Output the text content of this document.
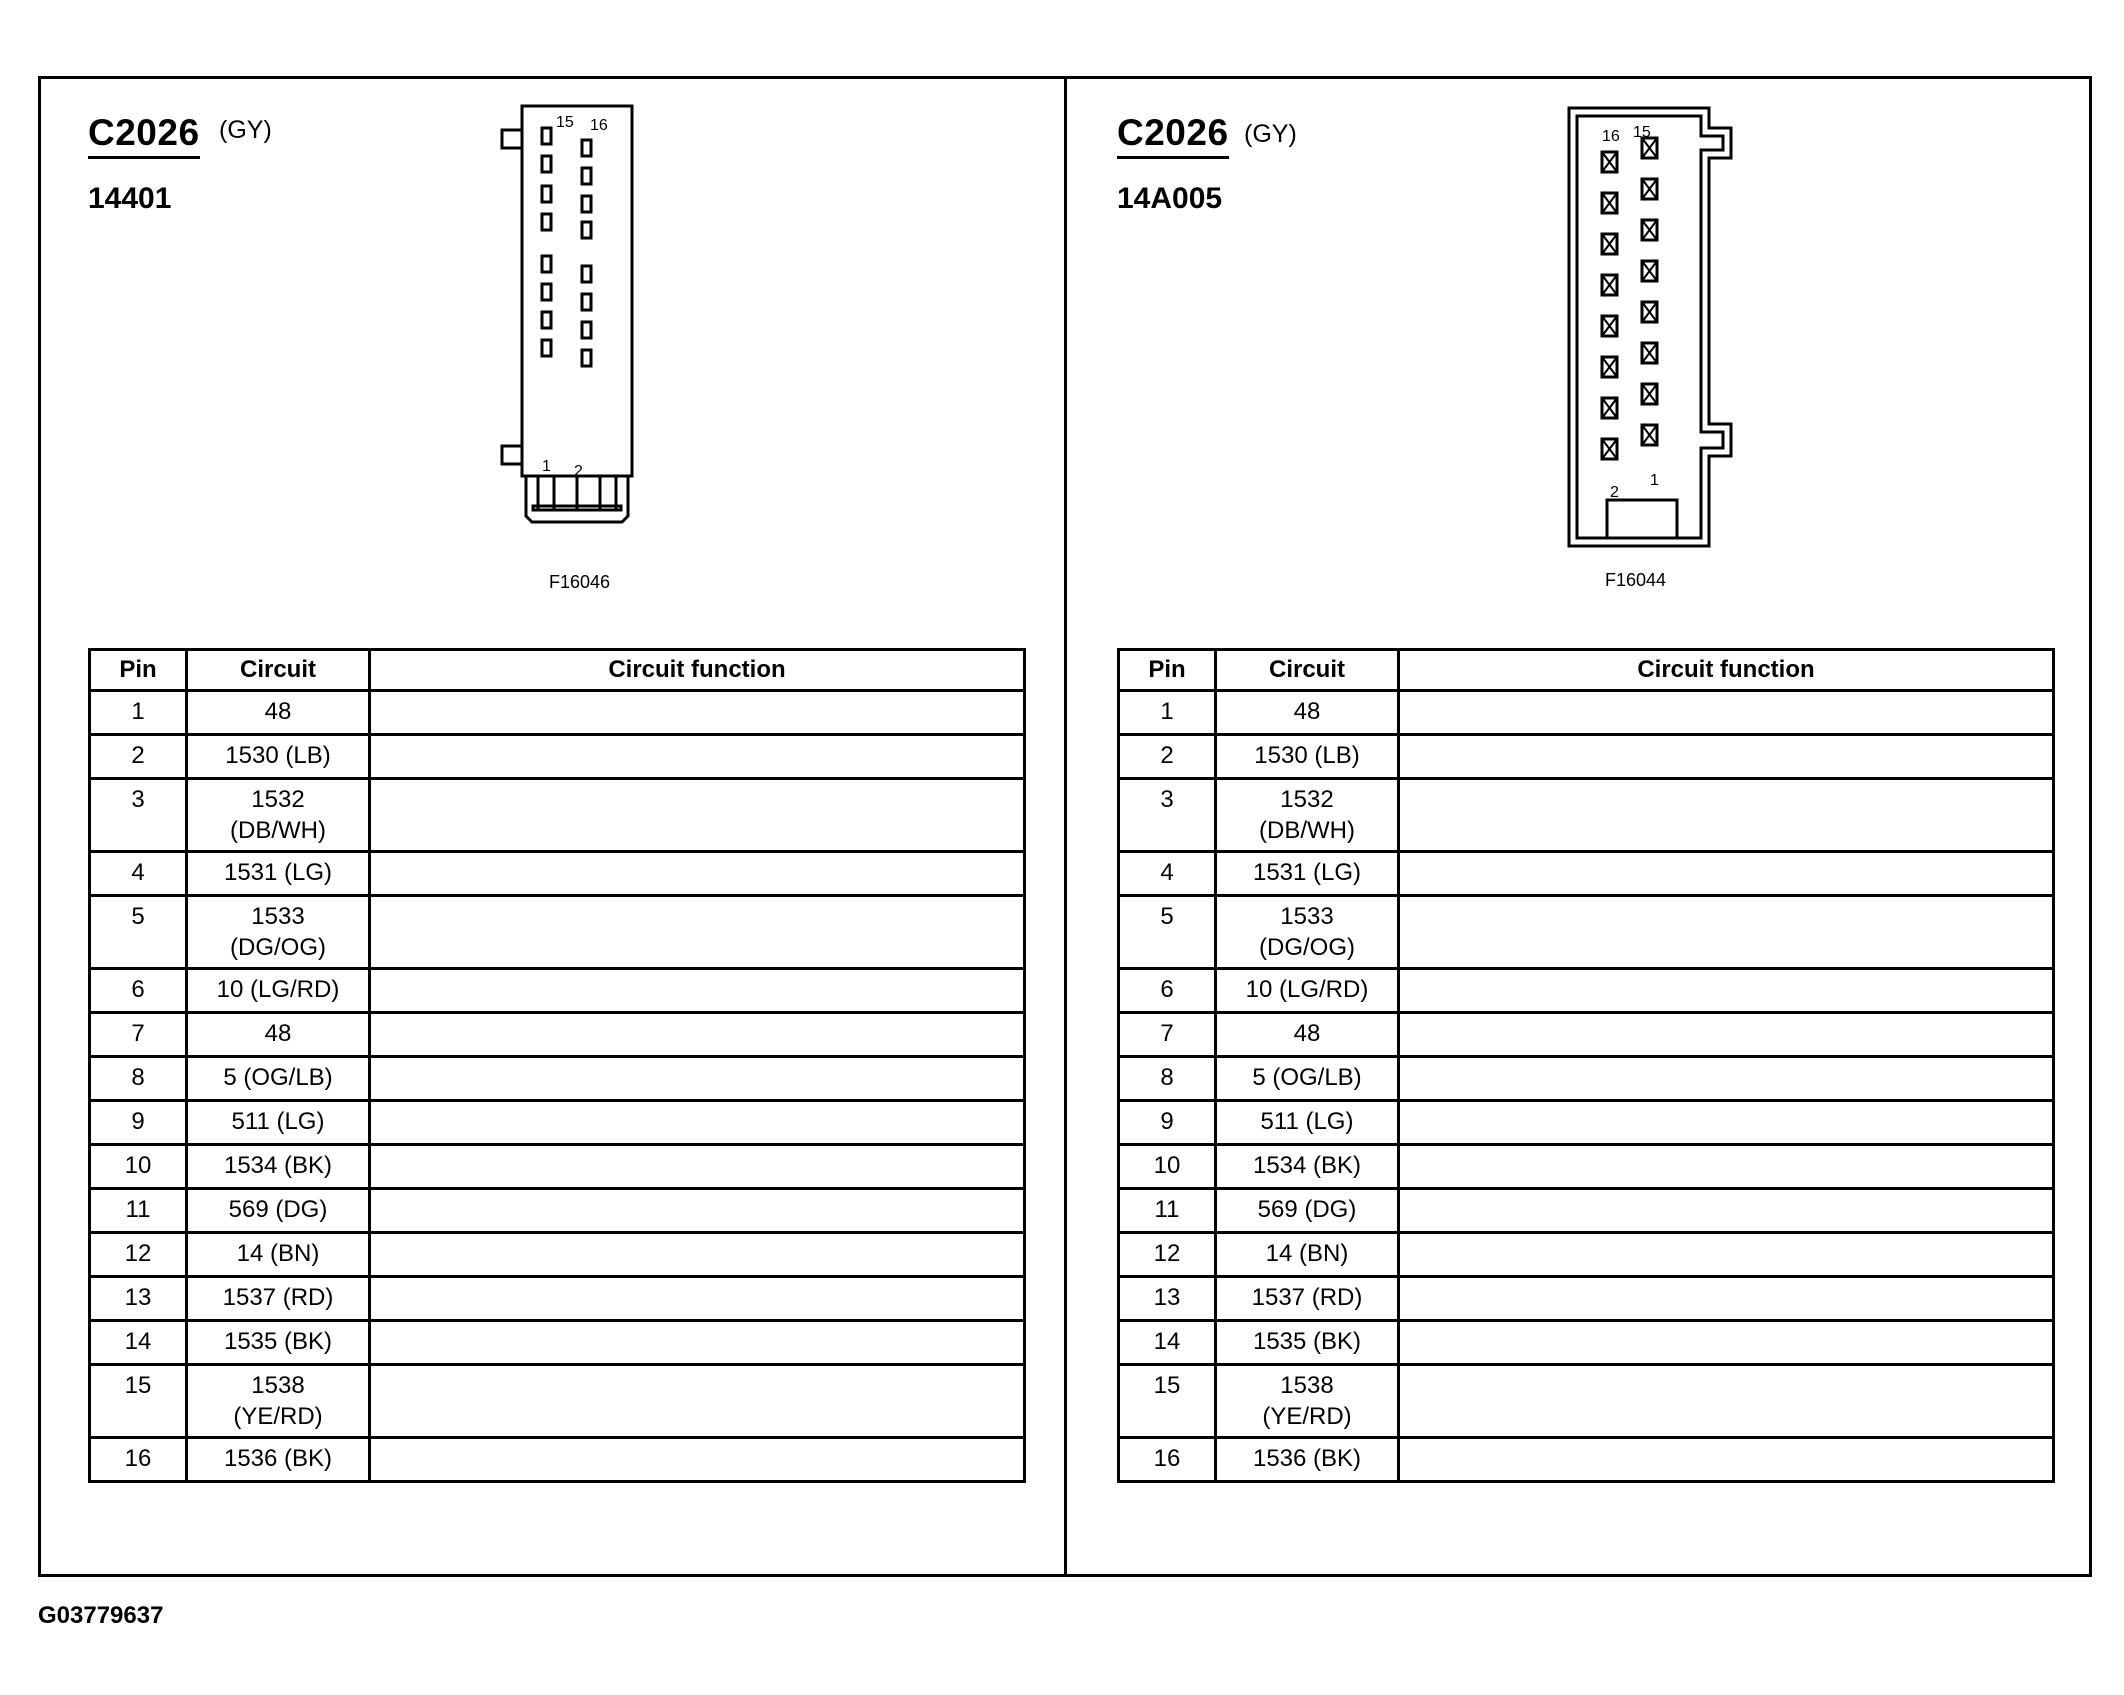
C2026 (GY)
14401
15 16
1 2
F16046
Pin	Circuit	Circuit function
1	48	
2	1530 (LB)	
3	1532 (DB/WH)	
4	1531 (LG)	
5	1533 (DG/OG)	
6	10 (LG/RD)	
7	48	
8	5 (OG/LB)	
9	511 (LG)	
10	1534 (BK)	
11	569 (DG)	
12	14 (BN)	
13	1537 (RD)	
14	1535 (BK)	
15	1538 (YE/RD)	
16	1536 (BK)	
C2026 (GY)
14A005
16 15
2
1
F16044
Pin	Circuit	Circuit function
1	48	
2	1530 (LB)	
3	1532 (DB/WH)	
4	1531 (LG)	
5	1533 (DG/OG)	
6	10 (LG/RD)	
7	48	
8	5 (OG/LB)	
9	511 (LG)	
10	1534 (BK)	
11	569 (DG)	
12	14 (BN)	
13	1537 (RD)	
14	1535 (BK)	
15	1538 (YE/RD)	
16	1536 (BK)	
G03779637
